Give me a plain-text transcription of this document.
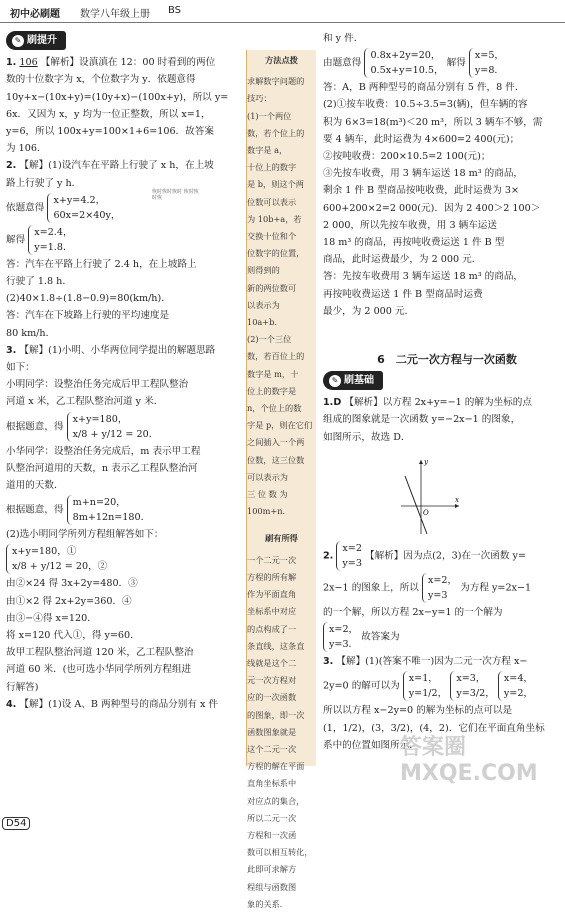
初中必刷题 数学八年级上册 BS
✎ 刷提升

1. 106 【解析】设滇滇在 12：00 时看到的两位

数的十位数字为 x，个位数字为 y．依题意得

10y+x−(10x+y)=(10y+x)−(100x+y)，所以 y=

6x．又因为 x，y 均为一位正整数，所以 x=1，

y=6，所以 100x+y=100×1+6=106．故答案

为 106．

2. 【解】(1)设汽车在平路上行驶了 x h，在上坡

路上行驶了 y h．

依题意得 x+y=4.2，
60x=2×40y，

解得 x=2.4，
y=1.8．

答：汽车在平路上行驶了 2.4 h，在上坡路上

行驶了 1.8 h．

(2)40×1.8÷(1.8−0.9)=80(km/h)．

答：汽车在下坡路上行驶的平均速度是

80 km/h．

3. 【解】(1)小明、小华两位同学提出的解题思路

如下：

小明同学：设整治任务完成后甲工程队整治

河道 x 米，乙工程队整治河道 y 米．

根据题意，得 x+y=180，
x/8 + y/12 = 20．

小华同学：设整治任务完成后，m 表示甲工程

队整治河道用的天数，n 表示乙工程队整治河

道用的天数．

根据题意，得 m+n=20，
8m+12n=180．

(2)选小明同学所列方程组解答如下：

x+y=180，①
x/8 + y/12 = 20，②

由②×24 得 3x+2y=480．③

由①×2 得 2x+2y=360．④

由③−④得 x=120．

将 x=120 代入①，得 y=60．

故甲工程队整治河道 120 米，乙工程队整治

河道 60 米．(也可选小华同学所列方程组进

行解答)

4. 【解】(1)设 A、B 两种型号的商品分别有 x 件

恢时恢时恢时 恢时恢时恢

方法点拨

求解数字问题的

技巧：

(1)一个两位

数，若个位上的

数字是 a，

十位上的数字

是 b，则这个两

位数可以表示

为 10b+a，若

交换十位和个

位数字的位置，

则得到的

新的两位数可

以表示为

10a+b．

(2)一个三位

数，若百位上的

数字是 m，十

位上的数字是

n，个位上的数

字是 p，则在它们

之间插入一个两

位数，这三位数

可以表示为

三 位 数 为

100m+n．

刷有所得

一个二元一次

方程的所有解

作为平面直角

坐标系中对应

的点构成了一

条直线，这条直

线就是这个二

元一次方程对

应的一次函数

的图象，即一次

函数图象就是

这个二元一次

方程的解在平面

直角坐标系中

对应点的集合，

所以二元一次

方程和一次函

数可以相互转化，

此即可求解方

程组与函数图

象的关系．

和 y 件．

由题意得 0.8x+2y=20，
0.5x+y=10.5， 解得 x=5，
y=8．

答：A，B 两种型号的商品分别有 5 件，8 件．

(2)①按车收费：10.5÷3.5=3(辆)，但车辆的容

积为 6×3=18(m³)＜20 m³，所以 3 辆车不够，需

要 4 辆车，此时运费为 4×600=2 400(元)；

②按吨收费：200×10.5=2 100(元)；

③先按车收费，用 3 辆车运送 18 m³ 的商品，

剩余 1 件 B 型商品按吨收费，此时运费为 3×

600+200×2=2 000(元)．因为 2 400＞2 100＞

2 000，所以先按车收费，用 3 辆车运送

18 m³ 的商品，再按吨收费运送 1 件 B 型

商品，此时运费最少，为 2 000 元．

答：先按车收费用 3 辆车运送 18 m³ 的商品，

再按吨收费运送 1 件 B 型商品时运费

最少，为 2 000 元．

6　二元一次方程与一次函数
✎ 刷基础

1.D 【解析】以方程 2x+y=−1 的解为坐标的点

组成的图象就是一次函数 y=−2x−1 的图象，

如图所示，故选 D．

y
x
O

2. x=2
y=3 【解析】因为点(2，3)在一次函数 y=

2x−1 的图象上，所以 x=2，
y=3 为方程 y=2x−1

的一个解，所以方程 2x−y=1 的一个解为

x=2，
y=3． 故答案为

3. 【解】(1)(答案不唯一)因为二元一次方程 x−

2y=0 的解可以为 x=1，
y=1/2， x=3，
y=3/2， x=4，
y=2，

所以以方程 x−2y=0 的解为坐标的点可以是

(1，1/2)，(3，3/2)，(4，2)．它们在平面直角坐标

系中的位置如图所示．

答案圈
MXQE.COM
D54
